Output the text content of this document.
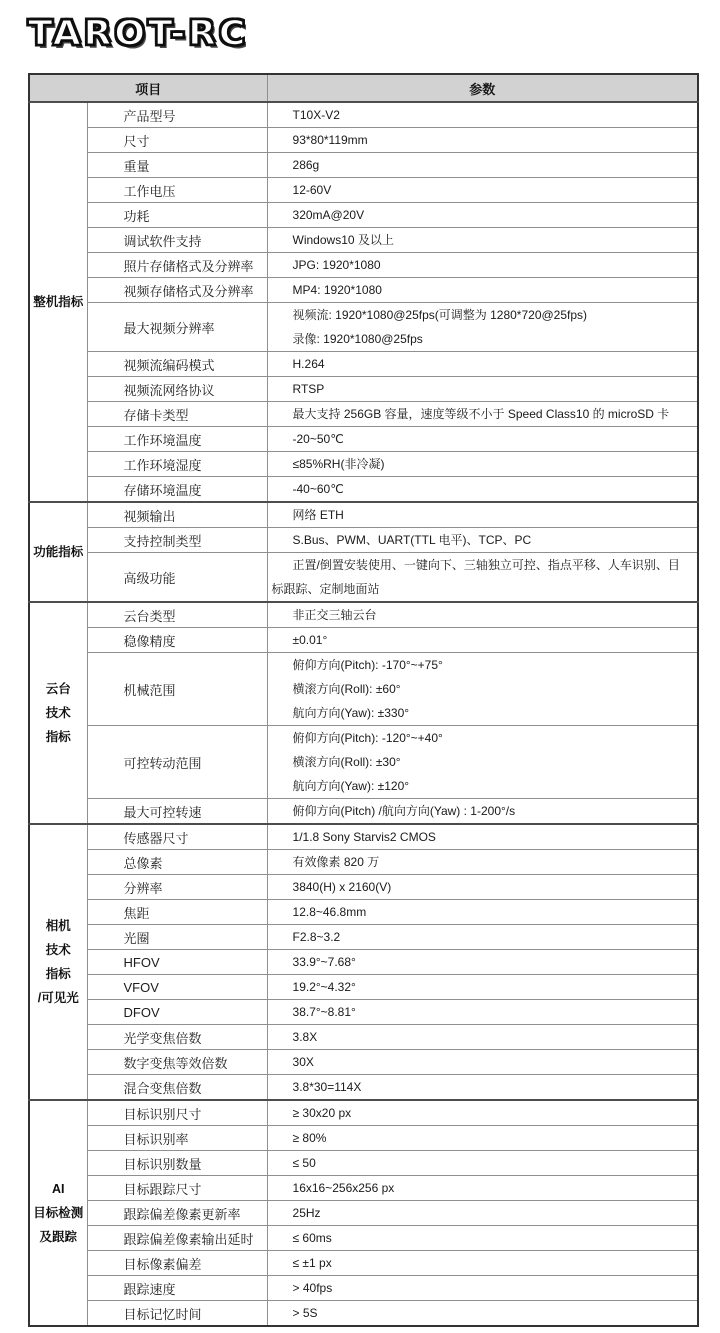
TAROT-RC
项目		参数

整机指标	产品型号	T10X-V2

	尺寸	93*80*119mm

	重量	286g

	工作电压	12-60V

	功耗	320mA@20V

	调试软件支持	Windows10 及以上

	照片存储格式及分辨率	JPG: 1920*1080

	视频存储格式及分辨率	MP4: 1920*1080

	最大视频分辨率	视频流: 1920*1080@25fps(可调整为 1280*720@25fps)
录像: 1920*1080@25fps

	视频流编码模式	H.264

	视频流网络协议	RTSP

	存储卡类型	最大支持 256GB 容量，速度等级不小于 Speed Class10 的 microSD 卡

	工作环境温度	-20~50℃

	工作环境湿度	≤85%RH(非冷凝)

	存储环境温度	-40~60℃

功能指标	视频输出	网络 ETH

	支持控制类型	S.Bus、PWM、UART(TTL 电平)、TCP、PC

	高级功能	正置/倒置安装使用、一键向下、三轴独立可控、指点平移、人车识别、目
标跟踪、定制地面站

云台
技术
指标	云台类型	非正交三轴云台

	稳像精度	±0.01°

	机械范围	俯仰方向(Pitch): -170°~+75°
横滚方向(Roll): ±60°
航向方向(Yaw): ±330°

	可控转动范围	俯仰方向(Pitch): -120°~+40°
横滚方向(Roll): ±30°
航向方向(Yaw): ±120°

	最大可控转速	俯仰方向(Pitch) /航向方向(Yaw) : 1-200°/s

相机
技术
指标
/可见光	传感器尺寸	1/1.8 Sony Starvis2 CMOS

	总像素	有效像素 820 万

	分辨率	3840(H) x 2160(V)

	焦距	12.8~46.8mm

	光圈	F2.8~3.2

	HFOV	33.9°~7.68°

	VFOV	19.2°~4.32°

	DFOV	38.7°~8.81°

	光学变焦倍数	3.8X

	数字变焦等效倍数	30X

	混合变焦倍数	3.8*30=114X

AI
目标检测
及跟踪	目标识别尺寸	≥ 30x20 px

	目标识别率	≥ 80%

	目标识别数量	≤ 50

	目标跟踪尺寸	16x16~256x256 px

	跟踪偏差像素更新率	25Hz

	跟踪偏差像素输出延时	≤ 60ms

	目标像素偏差	≤ ±1 px

	跟踪速度	> 40fps

	目标记忆时间	> 5S
